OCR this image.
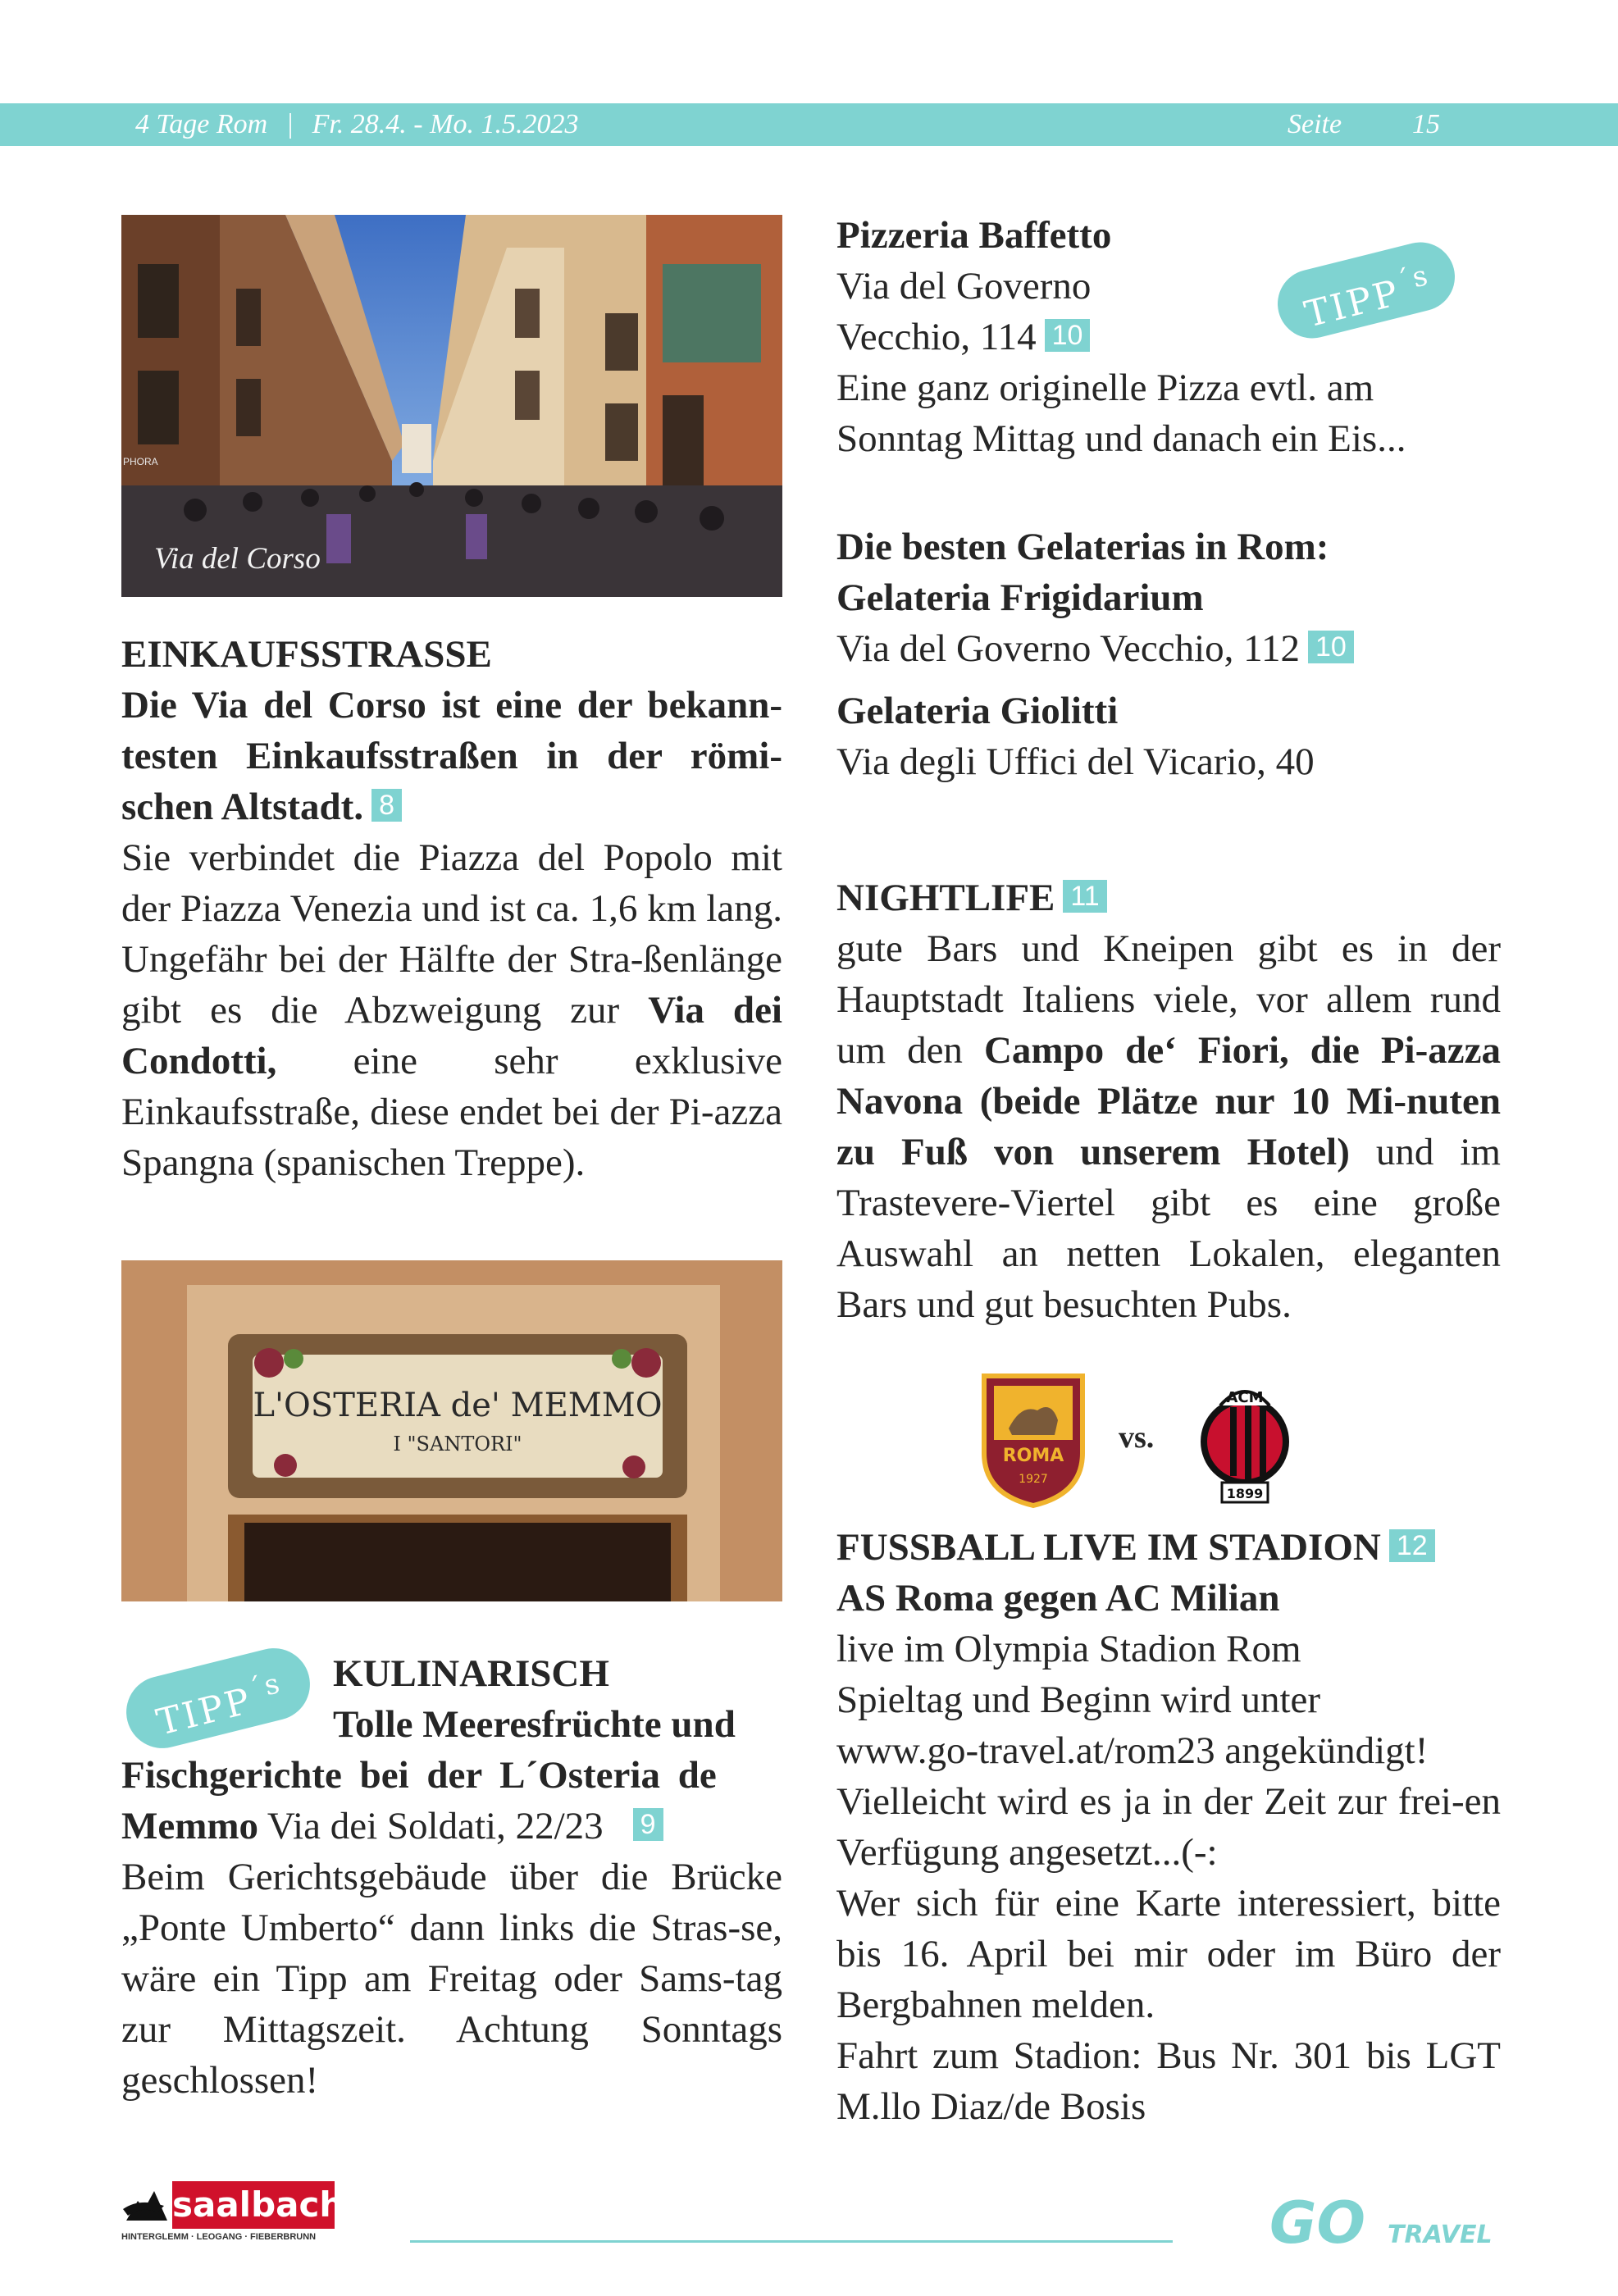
4 Tage Rom | Fr. 28.4. - Mo. 1.5.2023	Seite	15
PHORA
Via del Corso
EINKAUFSSTRASSE
Die Via del Corso ist eine der bekann-testen Einkaufsstraßen in der römi-schen Altstadt. 8
Sie verbindet die Piazza del Popolo mit der Piazza Venezia und ist ca. 1,6 km lang. Ungefähr bei der Hälfte der Stra-ßenlänge gibt es die Abzweigung zur Via dei Condotti, eine sehr exklusive Einkaufsstraße, diese endet bei der Pi-azza Spangna (spanischen Treppe).
L'OSTERIA de' MEMMO
I "SANTORI"
$TIPP^{´s}$	KULINARISCH
Tolle Meeresfrüchte und
Fischgerichte bei der L´Osteria de
Memmo Via dei Soldati, 22/23 9
Beim Gerichtsgebäude über die Brücke „Ponte Umberto“ dann links die Stras-se, wäre ein Tipp am Freitag oder Sams-tag zur Mittagszeit. Achtung Sonntags geschlossen!
$TIPP^{´s}$
Pizzeria Baffetto
Via del Governo
Vecchio, 114 10
Eine ganz originelle Pizza evtl. am
Sonntag Mittag und danach ein Eis...
Die besten Gelaterias in Rom:
Gelateria Frigidarium
Via del Governo Vecchio, 112 10
Gelateria Giolitti
Via degli Uffici del Vicario, 40
NIGHTLIFE 11
gute Bars und Kneipen gibt es in der Hauptstadt Italiens viele, vor allem rund um den Campo de‘ Fiori, die Pi-azza Navona (beide Plätze nur 10 Mi-nuten zu Fuß von unserem Hotel) und im Trastevere-Viertel gibt es eine große Auswahl an netten Lokalen, eleganten Bars und gut besuchten Pubs.
ROMA
1927
vs.
ACM
1899
FUSSBALL LIVE IM STADION 12
AS Roma gegen AC Milian
live im Olympia Stadion Rom
Spieltag und Beginn wird unter
www.go-travel.at/rom23 angekündigt!
Vielleicht wird es ja in der Zeit zur frei-en Verfügung angesetzt...(-:
Wer sich für eine Karte interessiert, bitte bis 16. April bei mir oder im Büro der Bergbahnen melden.
Fahrt zum Stadion: Bus Nr. 301 bis LGT M.llo Diaz/de Bosis
saalbach
HINTERGLEMM · LEOGANG · FIEBERBRUNN	GO TRAVEL
